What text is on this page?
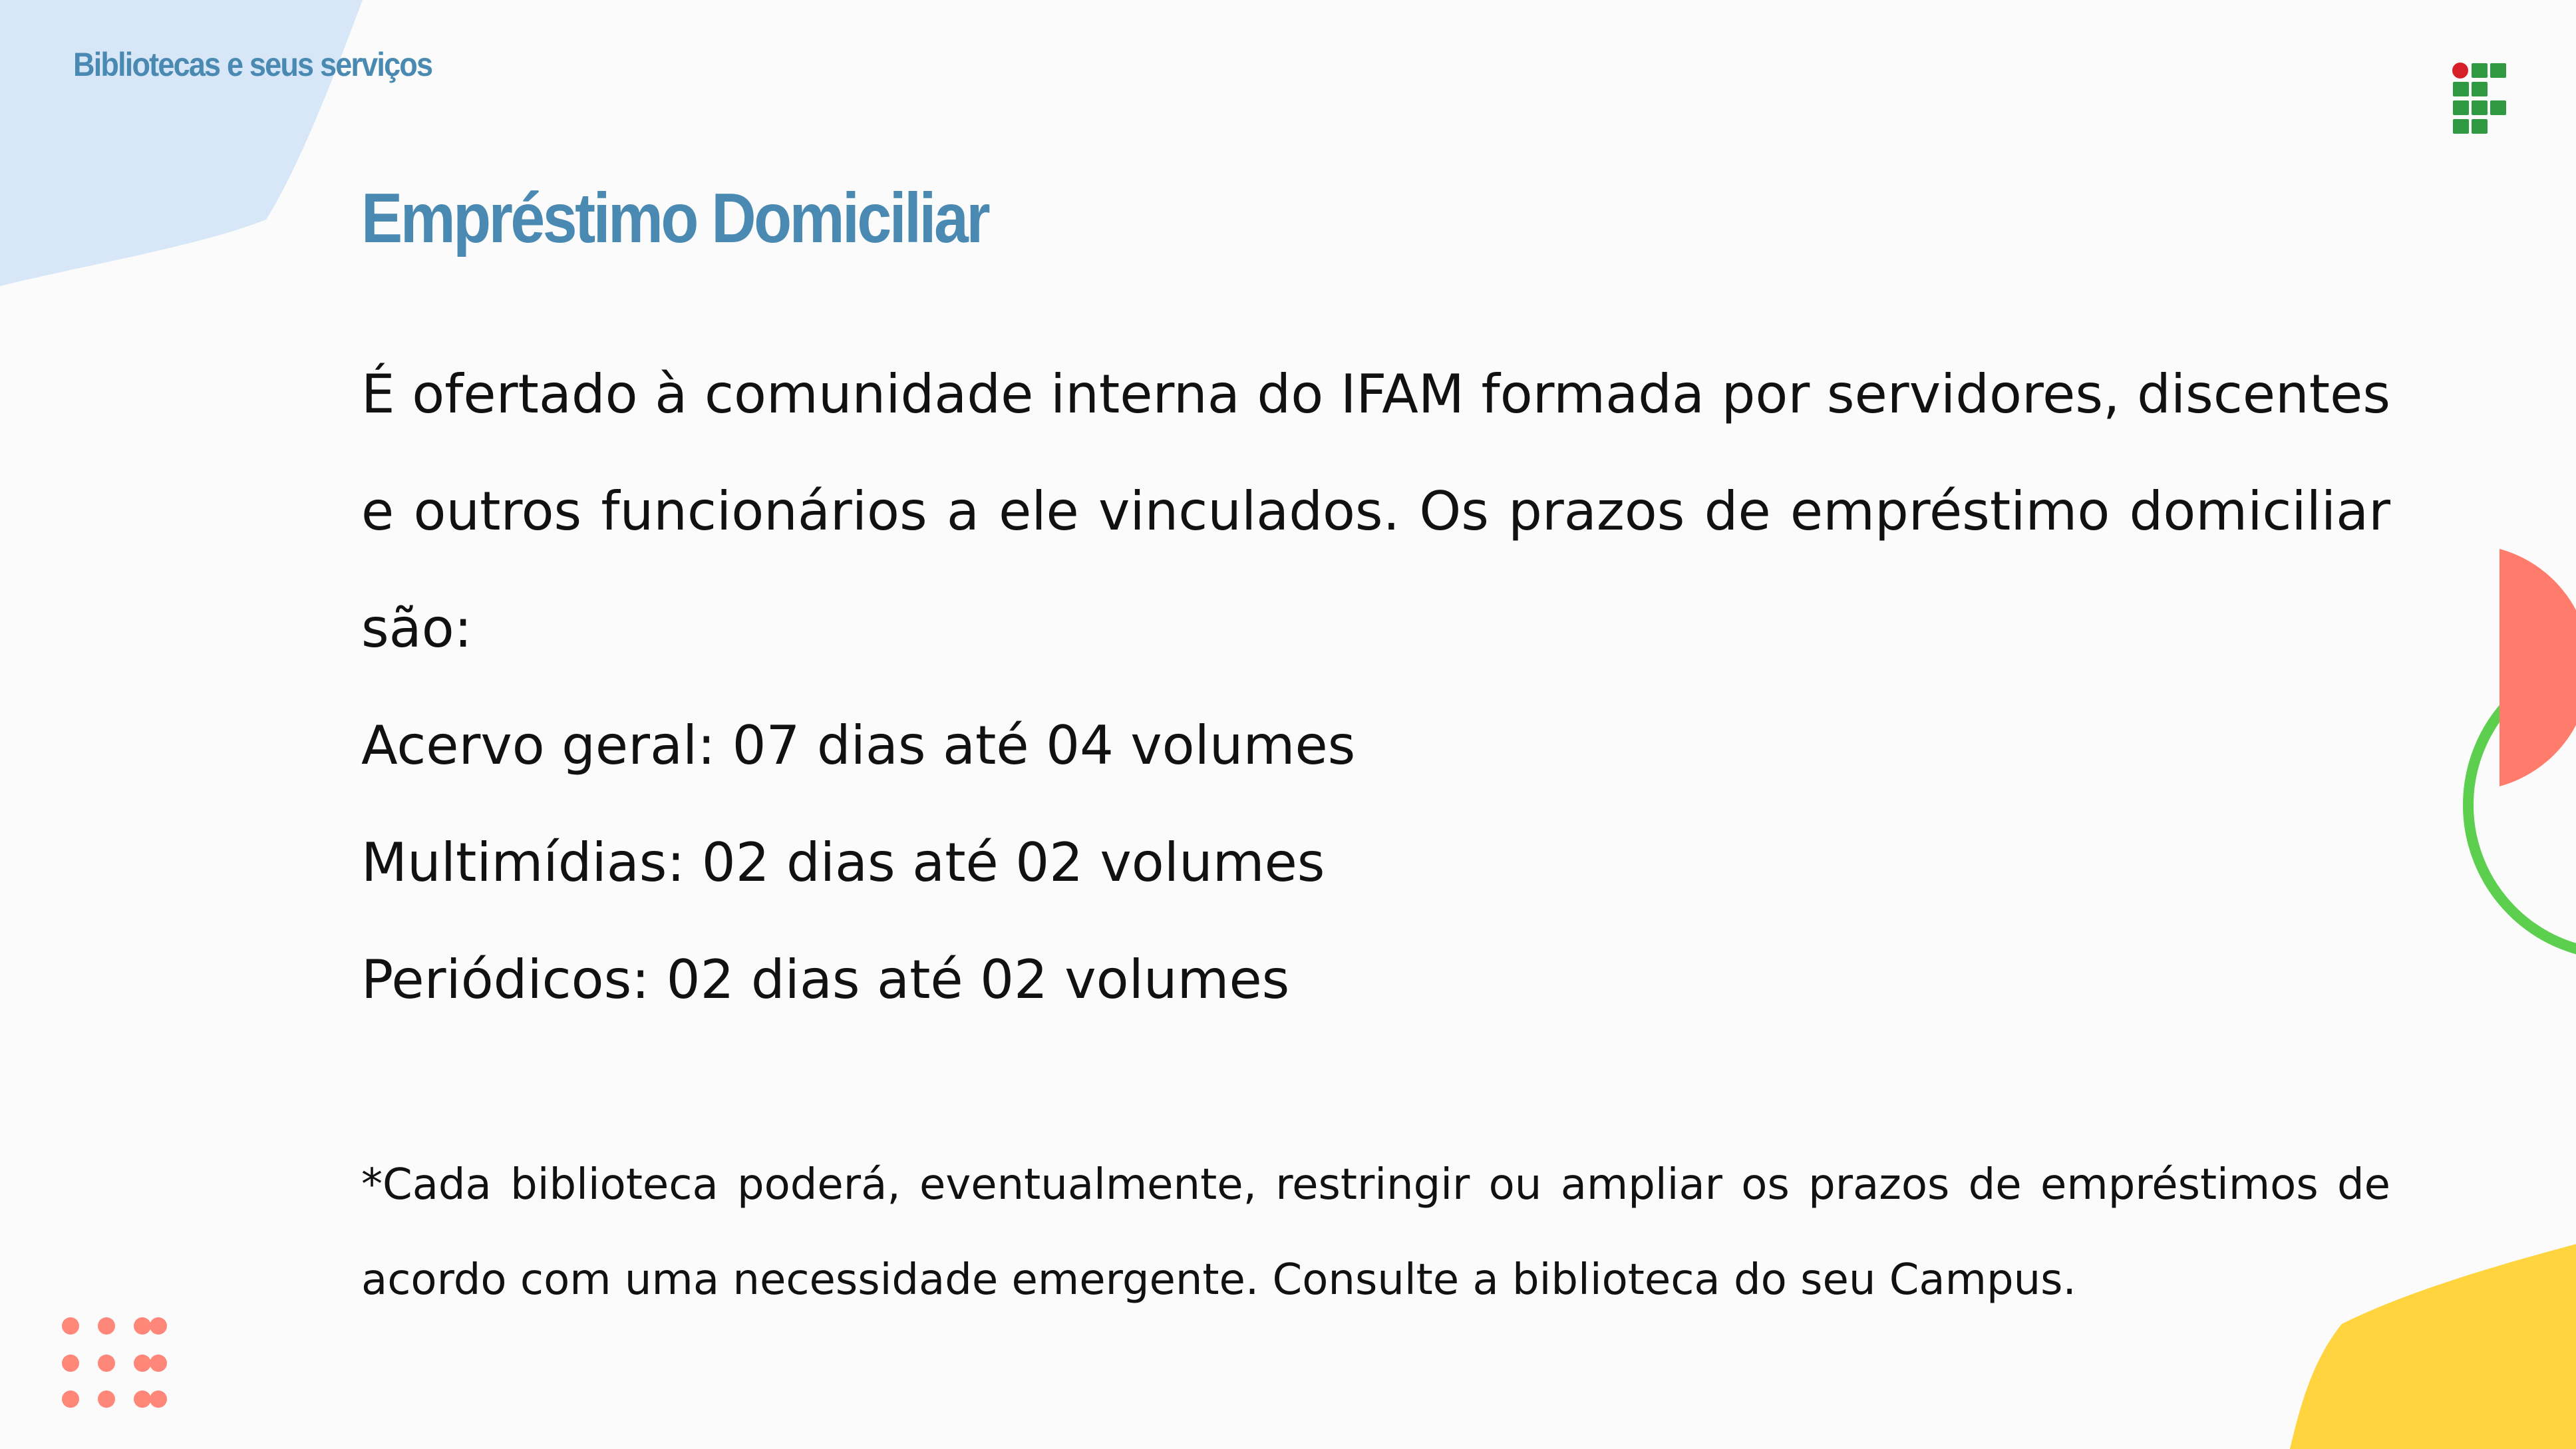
Bibliotecas e seus serviços
Empréstimo Domiciliar

É ofertado à comunidade interna do IFAM formada por servidores, discentes e outros funcionários a ele vinculados. Os prazos de empréstimo domiciliar são:

Acervo geral: 07 dias até 04 volumes
Multimídias: 02 dias até 02 volumes
Periódicos: 02 dias até 02 volumes

*Cada biblioteca poderá, eventualmente, restringir ou ampliar os prazos de empréstimos de acordo com uma necessidade emergente. Consulte a biblioteca do seu Campus.
